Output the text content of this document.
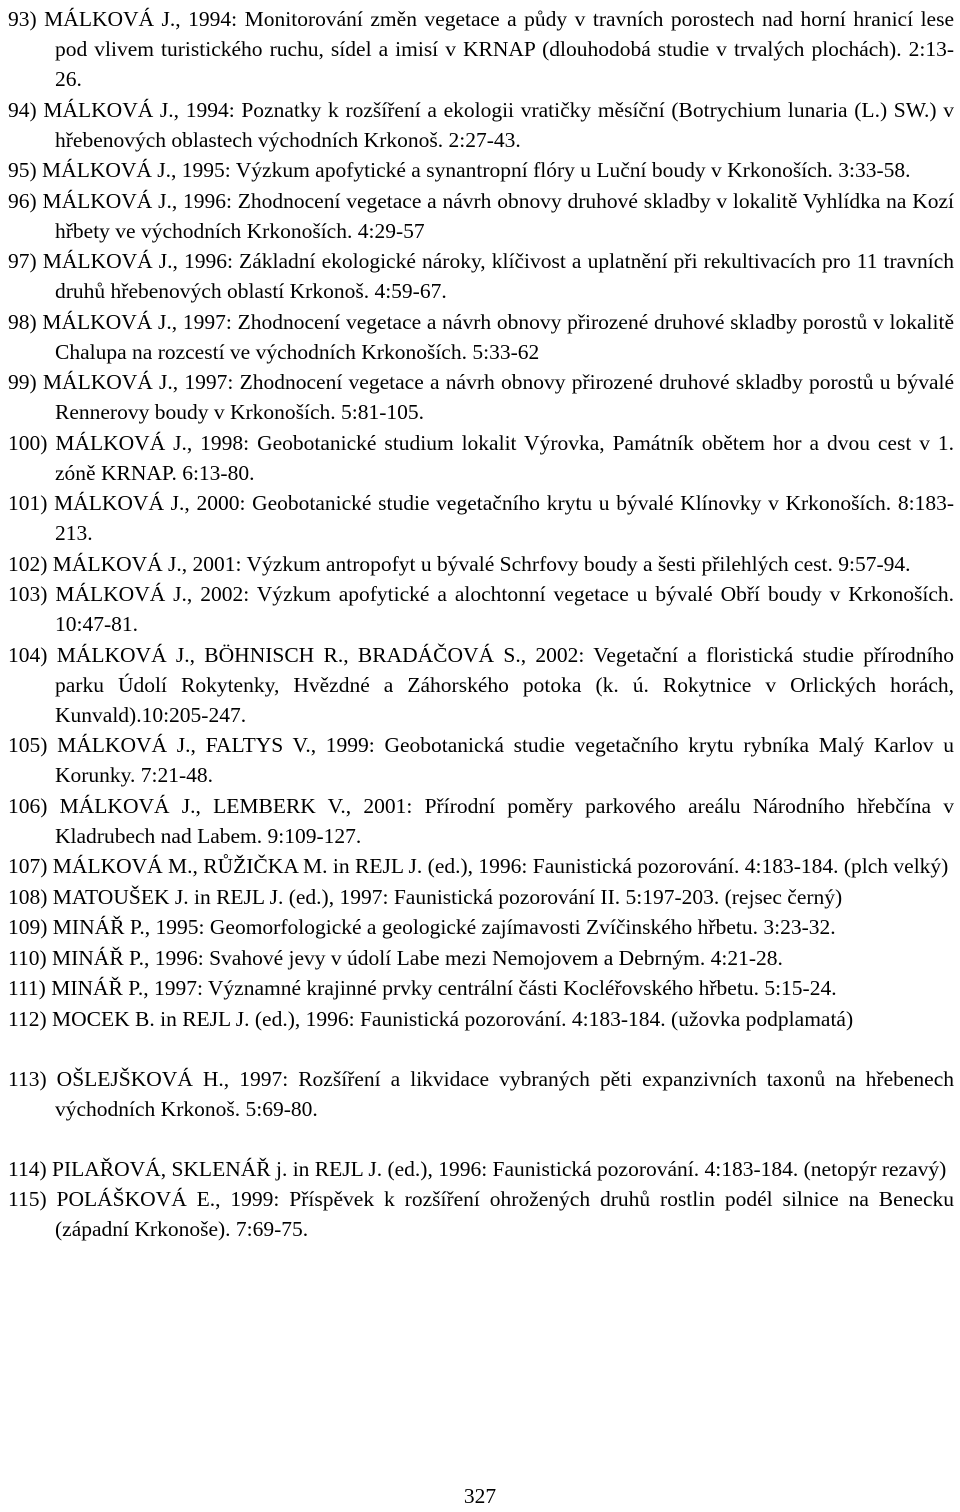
93) MÁLKOVÁ J., 1994: Monitorování změn vegetace a půdy v travních porostech nad horní hranicí lese pod vlivem turistického ruchu, sídel a imisí v KRNAP (dlouhodobá studie v trvalých plochách). 2:13-26.
94) MÁLKOVÁ J., 1994: Poznatky k rozšíření a ekologii vratičky měsíční (Botrychium lunaria (L.) SW.) v hřebenových oblastech východních Krkonoš. 2:27-43.
95) MÁLKOVÁ J., 1995: Výzkum apofytické a synantropní flóry u Luční boudy v Krkonoších. 3:33-58.
96) MÁLKOVÁ J., 1996: Zhodnocení vegetace a návrh obnovy druhové skladby v lokalitě Vyhlídka na Kozí hřbety ve východních Krkonoších. 4:29-57
97) MÁLKOVÁ J., 1996: Základní ekologické nároky, klíčivost a uplatnění při rekultivacích pro 11 travních druhů hřebenových oblastí Krkonoš. 4:59-67.
98) MÁLKOVÁ J., 1997: Zhodnocení vegetace a návrh obnovy přirozené druhové skladby porostů v lokalitě Chalupa na rozcestí ve východních Krkonoších. 5:33-62
99) MÁLKOVÁ J., 1997: Zhodnocení vegetace a návrh obnovy přirozené druhové skladby porostů u bývalé Rennerovy boudy v Krkonoších. 5:81-105.
100) MÁLKOVÁ J., 1998: Geobotanické studium lokalit Výrovka, Památník obětem hor a dvou cest v 1. zóně KRNAP. 6:13-80.
101) MÁLKOVÁ J., 2000: Geobotanické studie vegetačního krytu u bývalé Klínovky v Krkonoších. 8:183-213.
102) MÁLKOVÁ J., 2001: Výzkum antropofyt u bývalé Schrfovy boudy a šesti přilehlých cest. 9:57-94.
103) MÁLKOVÁ J., 2002: Výzkum apofytické a alochtonní vegetace u bývalé Obří boudy v Krkonoších. 10:47-81.
104) MÁLKOVÁ J., BÖHNISCH R., BRADÁČOVÁ S., 2002: Vegetační a floristická studie přírodního parku Údolí Rokytenky, Hvězdné a Záhorského potoka (k. ú. Rokytnice v Orlických horách, Kunvald).10:205-247.
105) MÁLKOVÁ J., FALTYS V., 1999: Geobotanická studie vegetačního krytu rybníka Malý Karlov u Korunky. 7:21-48.
106) MÁLKOVÁ J., LEMBERK V., 2001: Přírodní poměry parkového areálu Národního hřebčína v Kladrubech nad Labem. 9:109-127.
107) MÁLKOVÁ M., RŮŽIČKA M. in REJL J. (ed.), 1996: Faunistická pozorování. 4:183-184. (plch velký)
108) MATOUŠEK J. in REJL J. (ed.), 1997: Faunistická pozorování II. 5:197-203. (rejsec černý)
109) MINÁŘ P., 1995: Geomorfologické a geologické zajímavosti Zvíčinského hřbetu. 3:23-32.
110) MINÁŘ P., 1996: Svahové jevy v údolí Labe mezi Nemojovem a Debrným. 4:21-28.
111) MINÁŘ P., 1997: Významné krajinné prvky centrální části Kocléřovského hřbetu. 5:15-24.
112) MOCEK B. in REJL J. (ed.), 1996: Faunistická pozorování. 4:183-184. (užovka podplamatá)
113) OŠLEJŠKOVÁ H., 1997: Rozšíření a likvidace vybraných pěti expanzivních taxonů na hřebenech východních Krkonoš. 5:69-80.
114) PILAŘOVÁ, SKLENÁŘ j. in REJL J. (ed.), 1996: Faunistická pozorování. 4:183-184. (netopýr rezavý)
115) POLÁŠKOVÁ E., 1999: Příspěvek k rozšíření ohrožených druhů rostlin podél silnice na Benecku (západní Krkonoše). 7:69-75.
327
